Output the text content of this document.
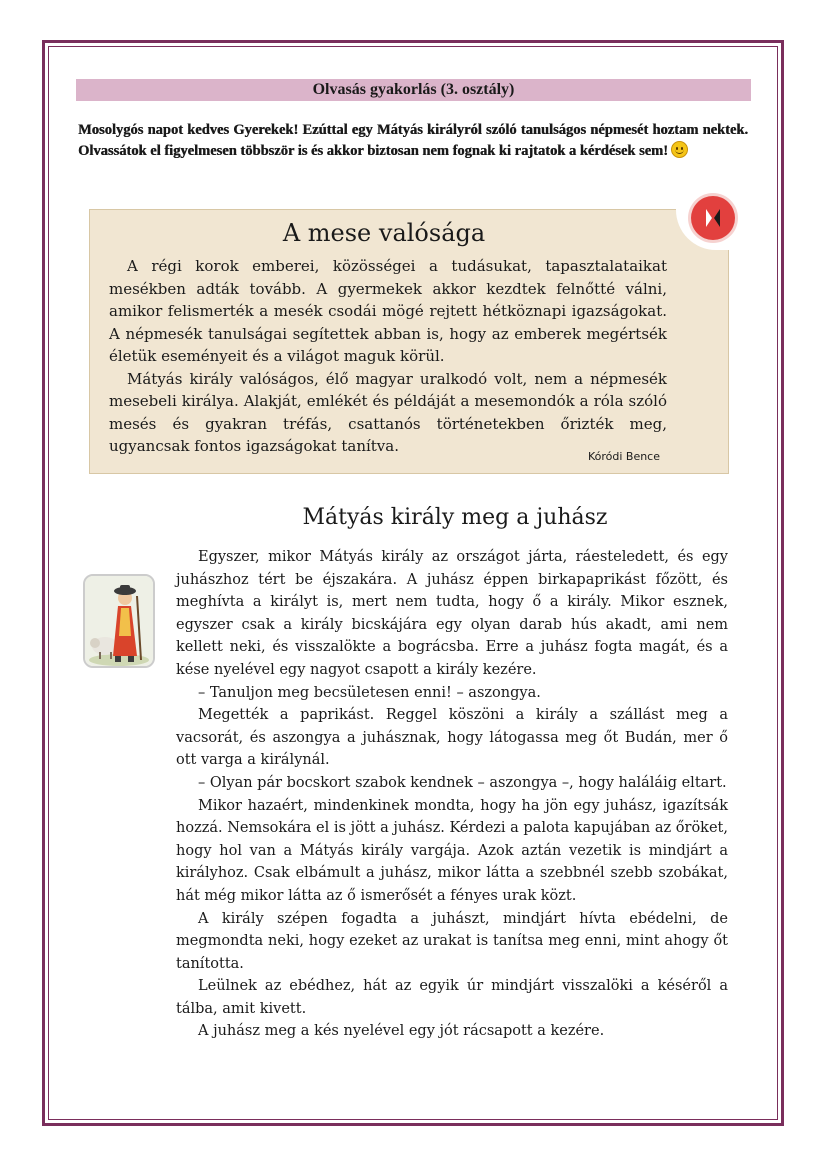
Olvasás gyakorlás (3. osztály)
Mosolygós napot kedves Gyerekek! Ezúttal egy Mátyás királyról szóló tanulságos népmesét hoztam nektek. Olvassátok el figyelmesen többször is és akkor biztosan nem fognak ki rajtatok a kérdések sem!
A mese valósága

A régi korok emberei, közösségei a tudásukat, tapasztalataikat mesékben adták tovább. A gyermekek akkor kezdtek felnőtté válni, amikor felismerték a mesék csodái mögé rejtett hétköznapi igazságokat. A népmesék tanulságai segítettek abban is, hogy az emberek megértsék életük eseményeit és a világot maguk körül.

Mátyás király valóságos, élő magyar uralkodó volt, nem a népmesék mesebeli királya. Alakját, emlékét és példáját a mesemondók a róla szóló mesés és gyakran tréfás, csattanós történetekben őrizték meg, ugyancsak fontos igazságokat tanítva.

Kóródi Bence
Mátyás király meg a juhász

Egyszer, mikor Mátyás király az országot járta, ráesteledett, és egy juhászhoz tért be éjszakára. A juhász éppen birkapaprikást főzött, és meghívta a királyt is, mert nem tudta, hogy ő a király. Mikor esznek, egyszer csak a király bicskájára egy olyan darab hús akadt, ami nem kellett neki, és visszalökte a bográcsba. Erre a juhász fogta magát, és a kése nyelével egy nagyot csapott a király kezére.

– Tanuljon meg becsületesen enni! – aszongya.

Megették a paprikást. Reggel köszöni a király a szállást meg a vacsorát, és aszongya a juhásznak, hogy látogassa meg őt Budán, mer ő ott varga a királynál.

– Olyan pár bocskort szabok kendnek – aszongya –, hogy haláláig eltart.

Mikor hazaért, mindenkinek mondta, hogy ha jön egy juhász, igazítsák hozzá. Nemsokára el is jött a juhász. Kérdezi a palota kapujában az őröket, hogy hol van a Mátyás király vargája. Azok aztán vezetik is mindjárt a királyhoz. Csak elbámult a juhász, mikor látta a szebbnél szebb szobákat, hát még mikor látta az ő ismerősét a fényes urak közt.

A király szépen fogadta a juhászt, mindjárt hívta ebédelni, de megmondta neki, hogy ezeket az urakat is tanítsa meg enni, mint ahogy őt tanította.

Leülnek az ebédhez, hát az egyik úr mindjárt visszalöki a késéről a tálba, amit kivett.

A juhász meg a kés nyelével egy jót rácsapott a kezére.
